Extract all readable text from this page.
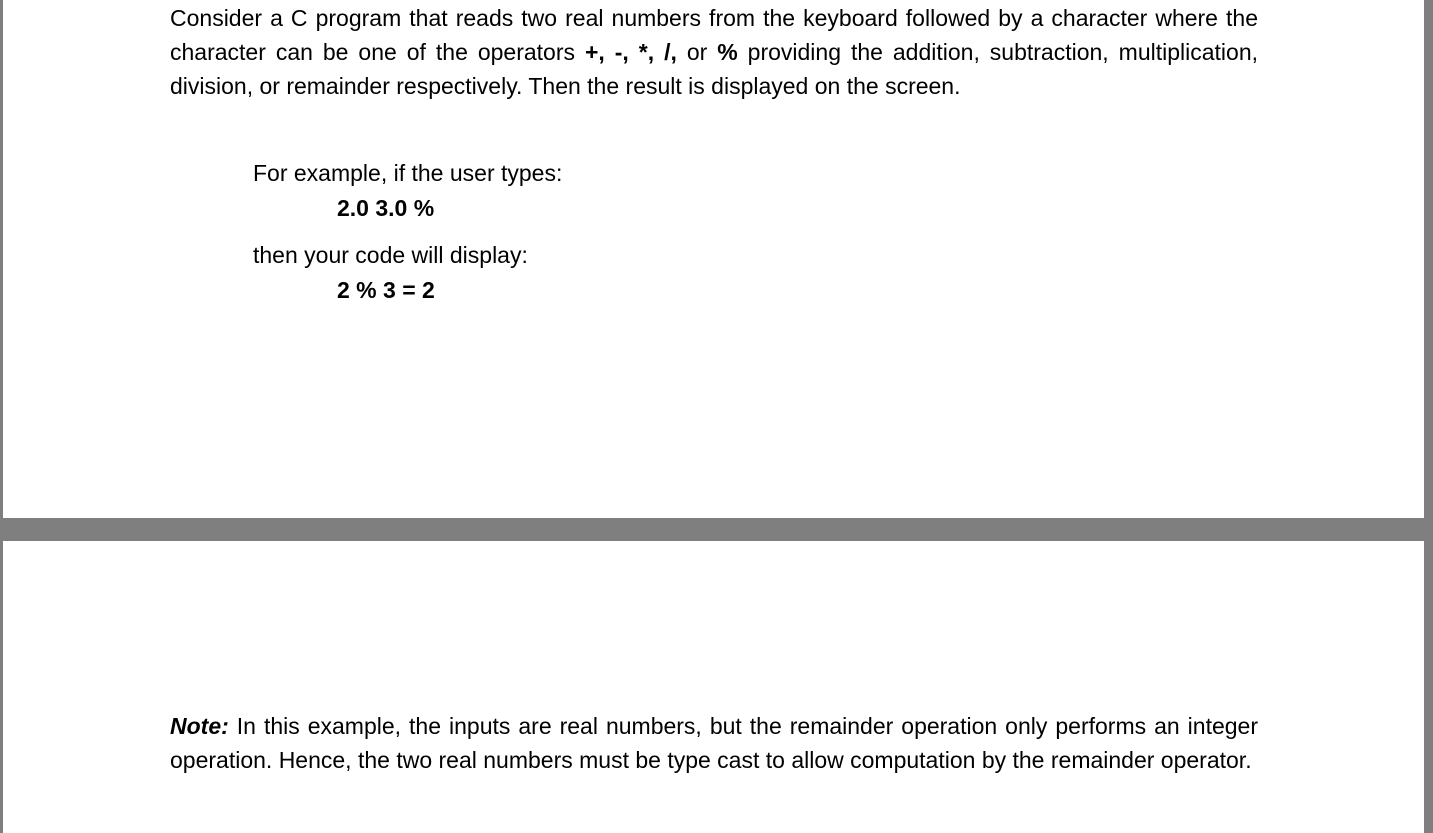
Consider a C program that reads two real numbers from the keyboard followed by a character where the character can be one of the operators +, -, *, /, or % providing the addition, subtraction, multiplication, division, or remainder respectively. Then the result is displayed on the screen.

For example, if the user types:

2.0 3.0 %

then your code will display:

2 % 3 = 2

Note: In this example, the inputs are real numbers, but the remainder operation only performs an integer operation. Hence, the two real numbers must be type cast to allow computation by the remainder operator.
